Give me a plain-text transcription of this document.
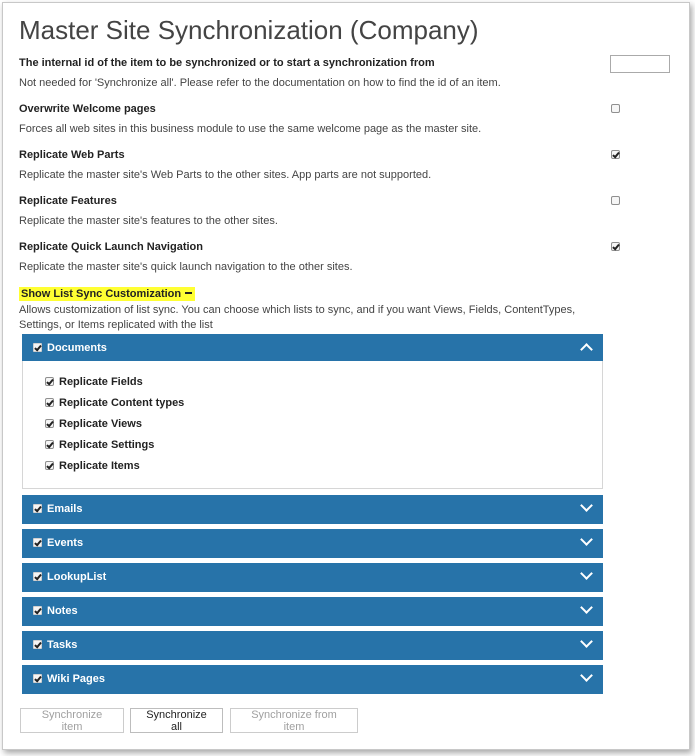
Master Site Synchronization (Company)
The internal id of the item to be synchronized or to start a synchronization from
Not needed for 'Synchronize all'. Please refer to the documentation on how to find the id of an item.
Overwrite Welcome pages
Forces all web sites in this business module to use the same welcome page as the master site.
Replicate Web Parts
Replicate the master site's Web Parts to the other sites. App parts are not supported.
Replicate Features
Replicate the master site's features to the other sites.
Replicate Quick Launch Navigation
Replicate the master site's quick launch navigation to the other sites.
Show List Sync Customization
Allows customization of list sync. You can choose which lists to sync, and if you want Views, Fields, ContentTypes, Settings, or Items replicated with the list
Documents
Replicate Fields
Replicate Content types
Replicate Views
Replicate Settings
Replicate Items
Emails
Events
LookupList
Notes
Tasks
Wiki Pages
Synchronize item
Synchronize all
Synchronize from item
